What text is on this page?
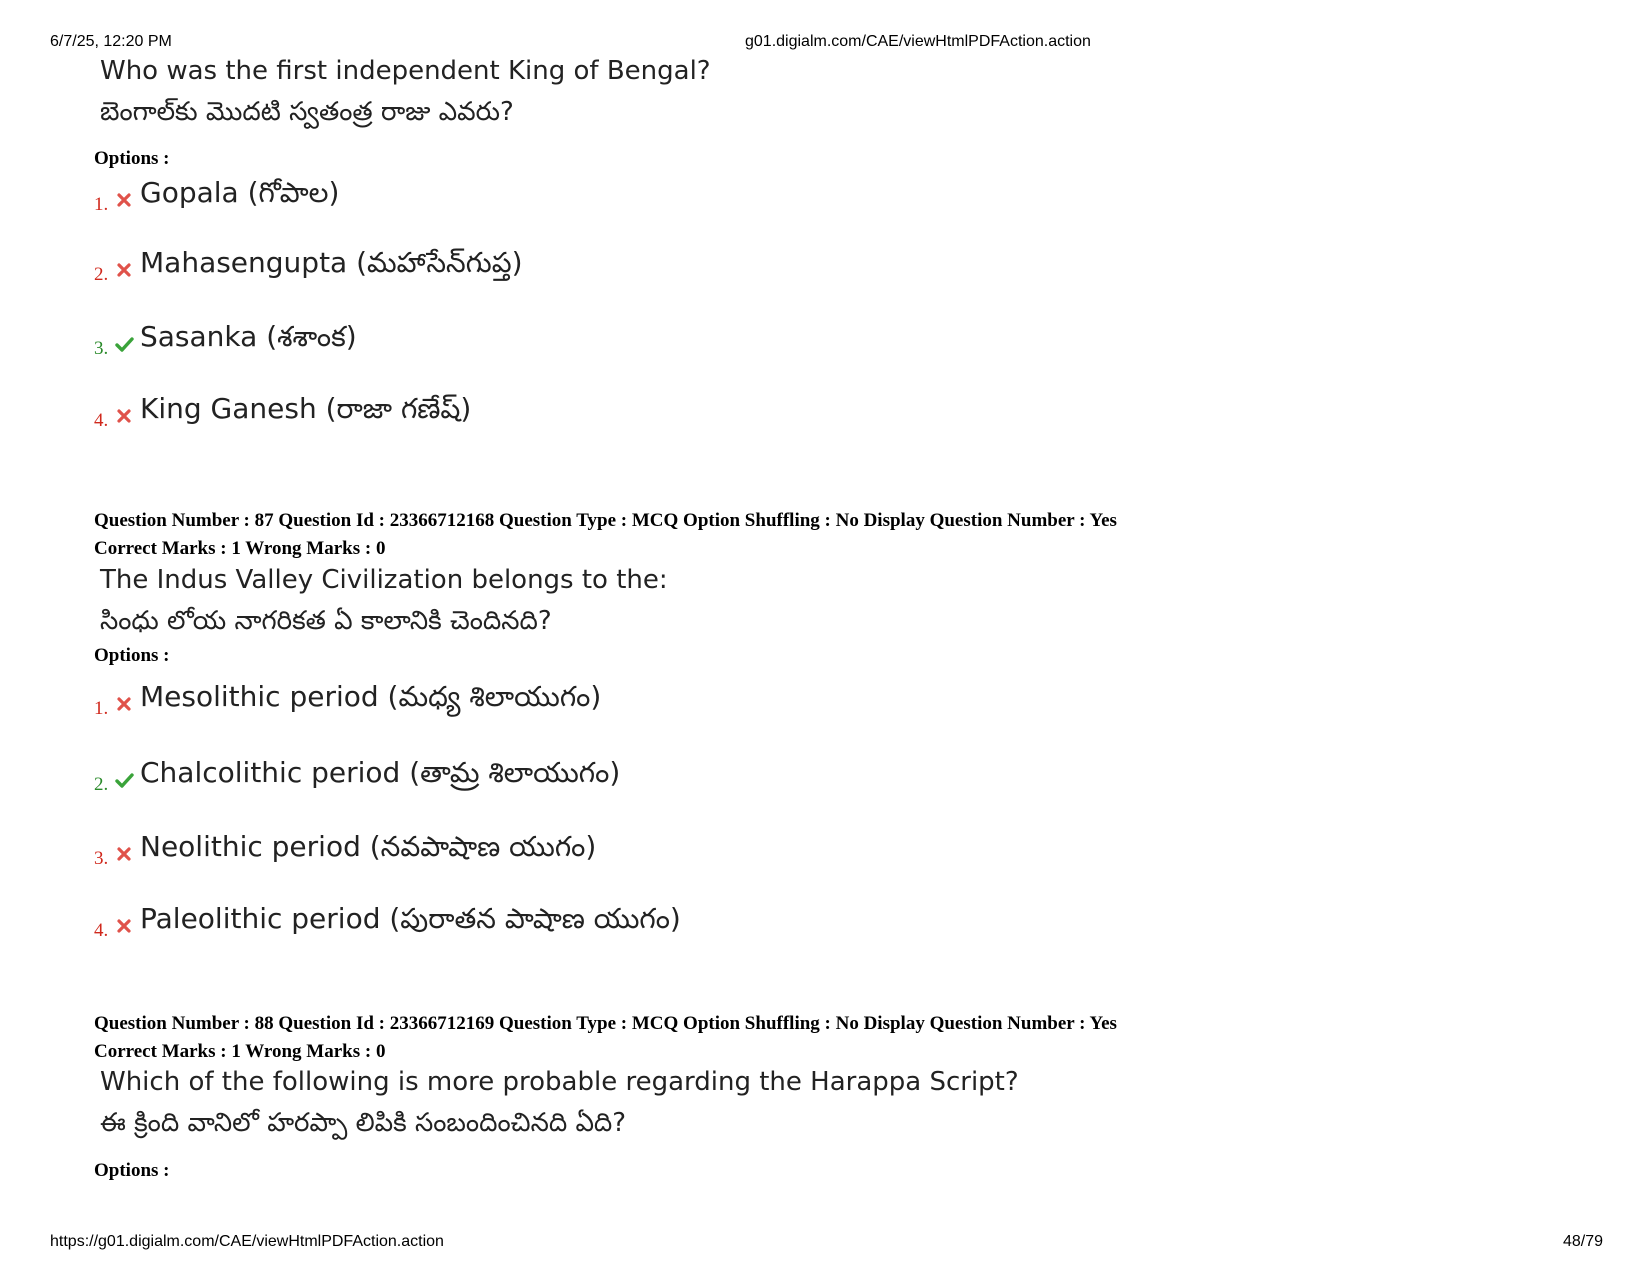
6/7/25, 12:20 PM	g01.digialm.com/CAE/viewHtmlPDFAction.action
Who was the first independent King of Bengal?
బెంగాల్‌కు మొదటి స్వతంత్ర రాజు ఎవరు?
Options :
1. Gopala (గోపాల)
2. Mahasengupta (మహాసేన్‌గుప్త)
3. Sasanka (శశాంక)
4. King Ganesh (రాజా గణేష్)
Question Number : 87 Question Id : 23366712168 Question Type : MCQ Option Shuffling : No Display Question Number : Yes
Correct Marks : 1 Wrong Marks : 0
The Indus Valley Civilization belongs to the:
సింధు లోయ నాగరికత ఏ కాలానికి చెందినది?
Options :
1. Mesolithic period (మధ్య శిలాయుగం)
2. Chalcolithic period (తామ్ర శిలాయుగం)
3. Neolithic period (నవపాషాణ యుగం)
4. Paleolithic period (పురాతన పాషాణ యుగం)
Question Number : 88 Question Id : 23366712169 Question Type : MCQ Option Shuffling : No Display Question Number : Yes
Correct Marks : 1 Wrong Marks : 0
Which of the following is more probable regarding the Harappa Script?
ఈ క్రింది వానిలో హరప్పా లిపికి సంబందించినది ఏది?
Options :
https://g01.digialm.com/CAE/viewHtmlPDFAction.action	48/79
